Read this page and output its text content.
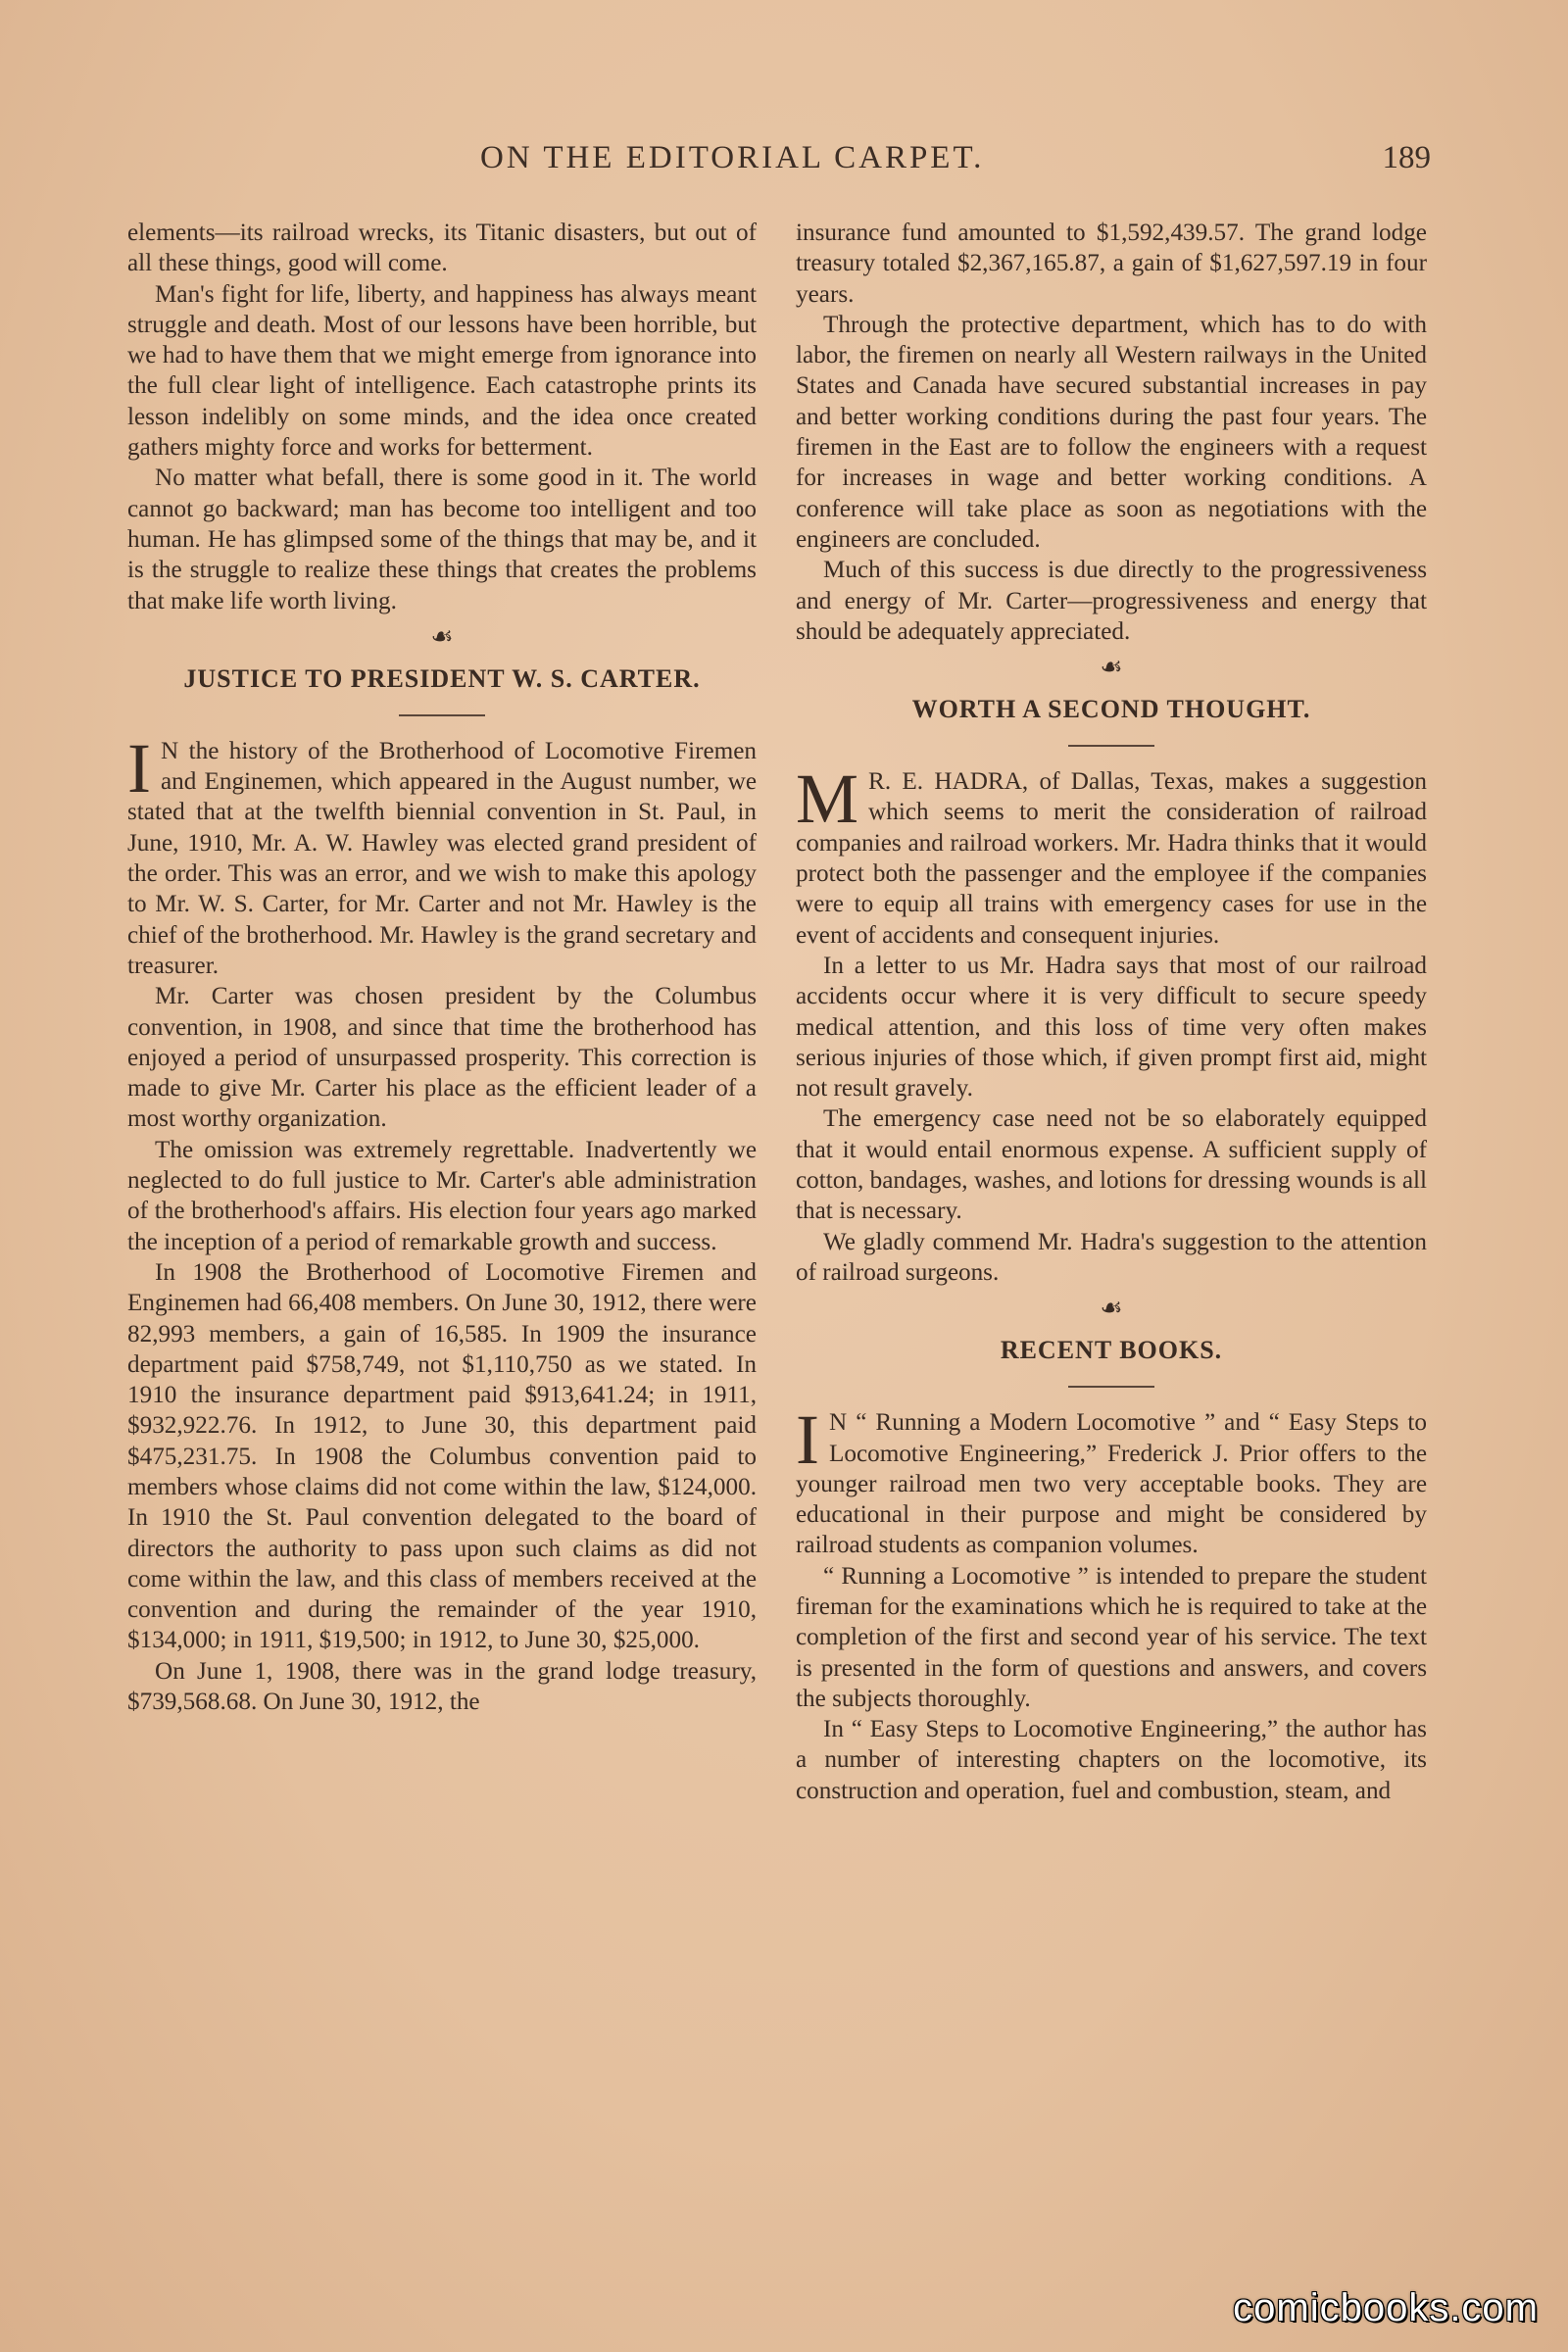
ON THE EDITORIAL CARPET.	189

elements—its railroad wrecks, its Titanic disasters, but out of all these things, good will come.

Man's fight for life, liberty, and happiness has always meant struggle and death. Most of our lessons have been horrible, but we had to have them that we might emerge from ignorance into the full clear light of intelligence. Each catastrophe prints its lesson indelibly on some minds, and the idea once created gathers mighty force and works for betterment.

No matter what befall, there is some good in it. The world cannot go backward; man has become too intelligent and too human. He has glimpsed some of the things that may be, and it is the struggle to realize these things that creates the problems that make life worth living.

☙
JUSTICE TO PRESIDENT W. S. CARTER.

I N the history of the Brotherhood of Locomotive Firemen and Enginemen, which appeared in the August number, we stated that at the twelfth biennial convention in St. Paul, in June, 1910, Mr. A. W. Hawley was elected grand president of the order. This was an error, and we wish to make this apology to Mr. W. S. Carter, for Mr. Carter and not Mr. Hawley is the chief of the brotherhood. Mr. Hawley is the grand secretary and treasurer.

Mr. Carter was chosen president by the Columbus convention, in 1908, and since that time the brotherhood has enjoyed a period of unsurpassed prosperity. This correction is made to give Mr. Carter his place as the efficient leader of a most worthy organization.

The omission was extremely regrettable. Inadvertently we neglected to do full justice to Mr. Carter's able administration of the brotherhood's affairs. His election four years ago marked the inception of a period of remarkable growth and success.

In 1908 the Brotherhood of Locomotive Firemen and Enginemen had 66,408 members. On June 30, 1912, there were 82,993 members, a gain of 16,585. In 1909 the insurance department paid $758,749, not $1,110,750 as we stated. In 1910 the insurance department paid $913,641.24; in 1911, $932,922.76. In 1912, to June 30, this department paid $475,231.75. In 1908 the Columbus convention paid to members whose claims did not come within the law, $124,000. In 1910 the St. Paul convention delegated to the board of directors the authority to pass upon such claims as did not come within the law, and this class of members received at the convention and during the remainder of the year 1910, $134,000; in 1911, $19,500; in 1912, to June 30, $25,000.

On June 1, 1908, there was in the grand lodge treasury, $739,568.68. On June 30, 1912, the

insurance fund amounted to $1,592,439.57. The grand lodge treasury totaled $2,367,165.87, a gain of $1,627,597.19 in four years.

Through the protective department, which has to do with labor, the firemen on nearly all Western railways in the United States and Canada have secured substantial increases in pay and better working conditions during the past four years. The firemen in the East are to follow the engineers with a request for increases in wage and better working conditions. A conference will take place as soon as negotiations with the engineers are concluded.

Much of this success is due directly to the progressiveness and energy of Mr. Carter—progressiveness and energy that should be adequately appreciated.

☙
WORTH A SECOND THOUGHT.

M R. E. HADRA, of Dallas, Texas, makes a suggestion which seems to merit the consideration of railroad companies and railroad workers. Mr. Hadra thinks that it would protect both the passenger and the employee if the companies were to equip all trains with emergency cases for use in the event of accidents and consequent injuries.

In a letter to us Mr. Hadra says that most of our railroad accidents occur where it is very difficult to secure speedy medical attention, and this loss of time very often makes serious injuries of those which, if given prompt first aid, might not result gravely.

The emergency case need not be so elaborately equipped that it would entail enormous expense. A sufficient supply of cotton, bandages, washes, and lotions for dressing wounds is all that is necessary.

We gladly commend Mr. Hadra's suggestion to the attention of railroad surgeons.

☙
RECENT BOOKS.

I N “ Running a Modern Locomotive ” and “ Easy Steps to Locomotive Engineering,” Frederick J. Prior offers to the younger railroad men two very acceptable books. They are educational in their purpose and might be considered by railroad students as companion volumes.

“ Running a Locomotive ” is intended to prepare the student fireman for the examinations which he is required to take at the completion of the first and second year of his service. The text is presented in the form of questions and answers, and covers the subjects thoroughly.

In “ Easy Steps to Locomotive Engineering,” the author has a number of interesting chapters on the locomotive, its construction and operation, fuel and combustion, steam, and

comicbooks.com
